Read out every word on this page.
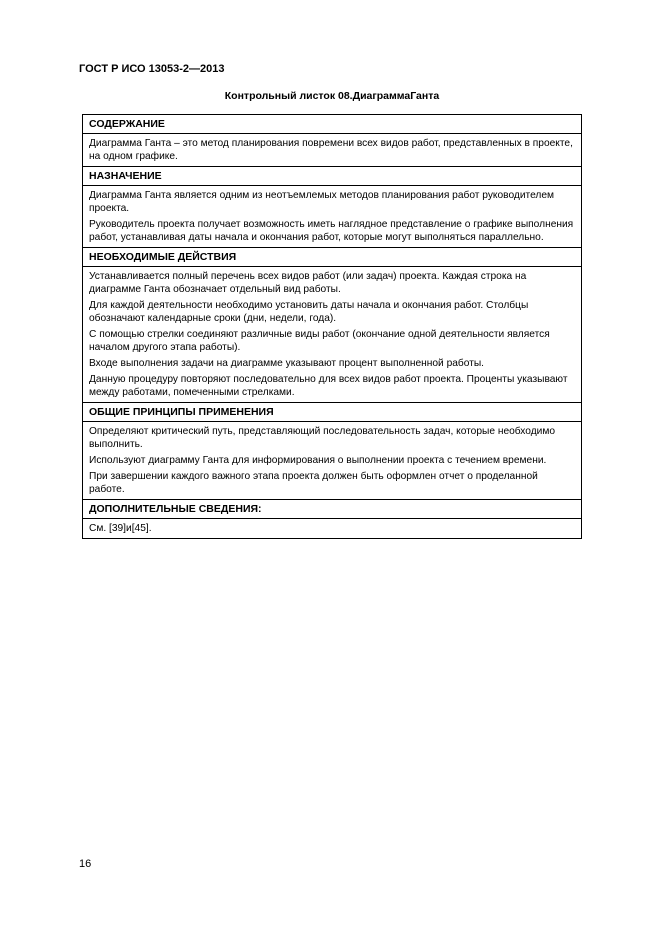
ГОСТ Р ИСО 13053-2—2013
Контрольный листок 08.ДиаграммаГанта
СОДЕРЖАНИЕ

Диаграмма Ганта – это метод планирования повремени всех видов работ, представленных в проекте, на одном графике.

НАЗНАЧЕНИЕ

Диаграмма Ганта является одним из неотъемлемых методов планирования работ руководителем проекта.

Руководитель проекта получает возможность иметь наглядное представление о графике выполнения работ, устанавливая даты начала и окончания работ, которые могут выполняться параллельно.

НЕОБХОДИМЫЕ ДЕЙСТВИЯ

Устанавливается полный перечень всех видов работ (или задач) проекта. Каждая строка на диаграмме Ганта обозначает отдельный вид работы.

Для каждой деятельности необходимо установить даты начала и окончания работ. Столбцы обозначают календарные сроки (дни, недели, года).

С помощью стрелки соединяют различные виды работ (окончание одной деятельности является началом другого этапа работы).

Входе выполнения задачи на диаграмме указывают процент выполненной работы.

Данную процедуру повторяют последовательно для всех видов работ проекта. Проценты указывают между работами, помеченными стрелками.

ОБЩИЕ ПРИНЦИПЫ ПРИМЕНЕНИЯ

Определяют критический путь, представляющий последовательность задач, которые необходимо выполнить.

Используют диаграмму Ганта для информирования о выполнении проекта с течением времени.

При завершении каждого важного этапа проекта должен быть оформлен отчет о проделанной работе.

ДОПОЛНИТЕЛЬНЫЕ СВЕДЕНИЯ:

См. [39]и[45].

16
